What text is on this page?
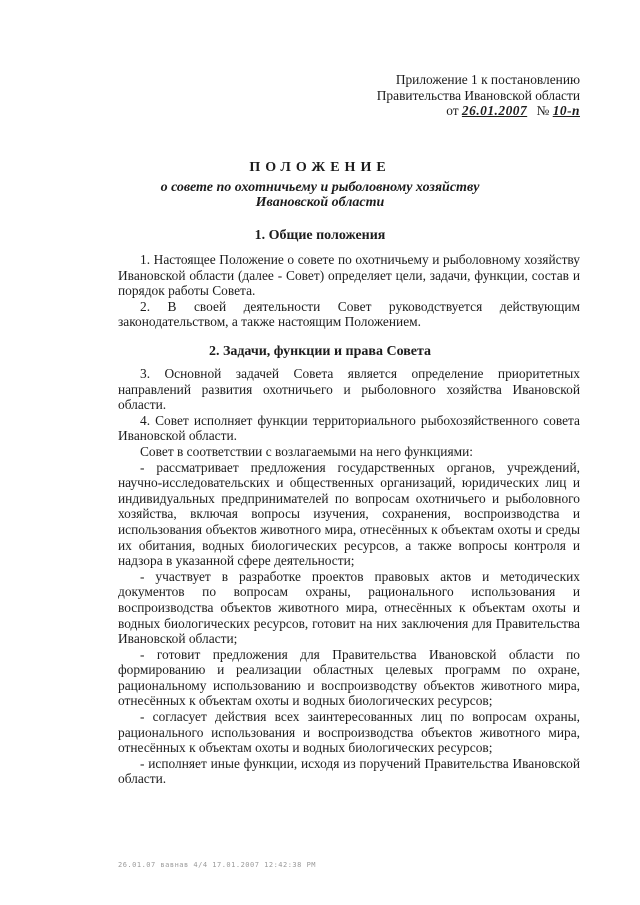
Приложение 1 к постановлению
Правительства Ивановской области
от 26.01.2007 № 10-п
ПОЛОЖЕНИЕ
о совете по охотничьему и рыболовному хозяйству
Ивановской области
1. Общие положения

1. Настоящее Положение о совете по охотничьему и рыболовному хозяйству Ивановской области (далее - Совет) определяет цели, задачи, функции, состав и порядок работы Совета.

2. В своей деятельности Совет руководствуется действующим законодательством, а также настоящим Положением.

2. Задачи, функции и права Совета

3. Основной задачей Совета является определение приоритетных направлений развития охотничьего и рыболовного хозяйства Ивановской области.

4. Совет исполняет функции территориального рыбохозяйственного совета Ивановской области.

Совет в соответствии с возлагаемыми на него функциями:

- рассматривает предложения государственных органов, учреждений, научно-исследовательских и общественных организаций, юридических лиц и индивидуальных предпринимателей по вопросам охотничьего и рыболовного хозяйства, включая вопросы изучения, сохранения, воспроизводства и использования объектов животного мира, отнесённых к объектам охоты и среды их обитания, водных биологических ресурсов, а также вопросы контроля и надзора в указанной сфере деятельности;

- участвует в разработке проектов правовых актов и методических документов по вопросам охраны, рационального использования и воспроизводства объектов животного мира, отнесённых к объектам охоты и водных биологических ресурсов, готовит на них заключения для Правительства Ивановской области;

- готовит предложения для Правительства Ивановской области по формированию и реализации областных целевых программ по охране, рациональному использованию и воспроизводству объектов животного мира, отнесённых к объектам охоты и водных биологических ресурсов;

- согласует действия всех заинтересованных лиц по вопросам охраны, рационального использования и воспроизводства объектов животного мира, отнесённых к объектам охоты и водных биологических ресурсов;

- исполняет иные функции, исходя из поручений Правительства Ивановской области.

26.01.07 вавнав 4/4 17.01.2007 12:42:38 PM
